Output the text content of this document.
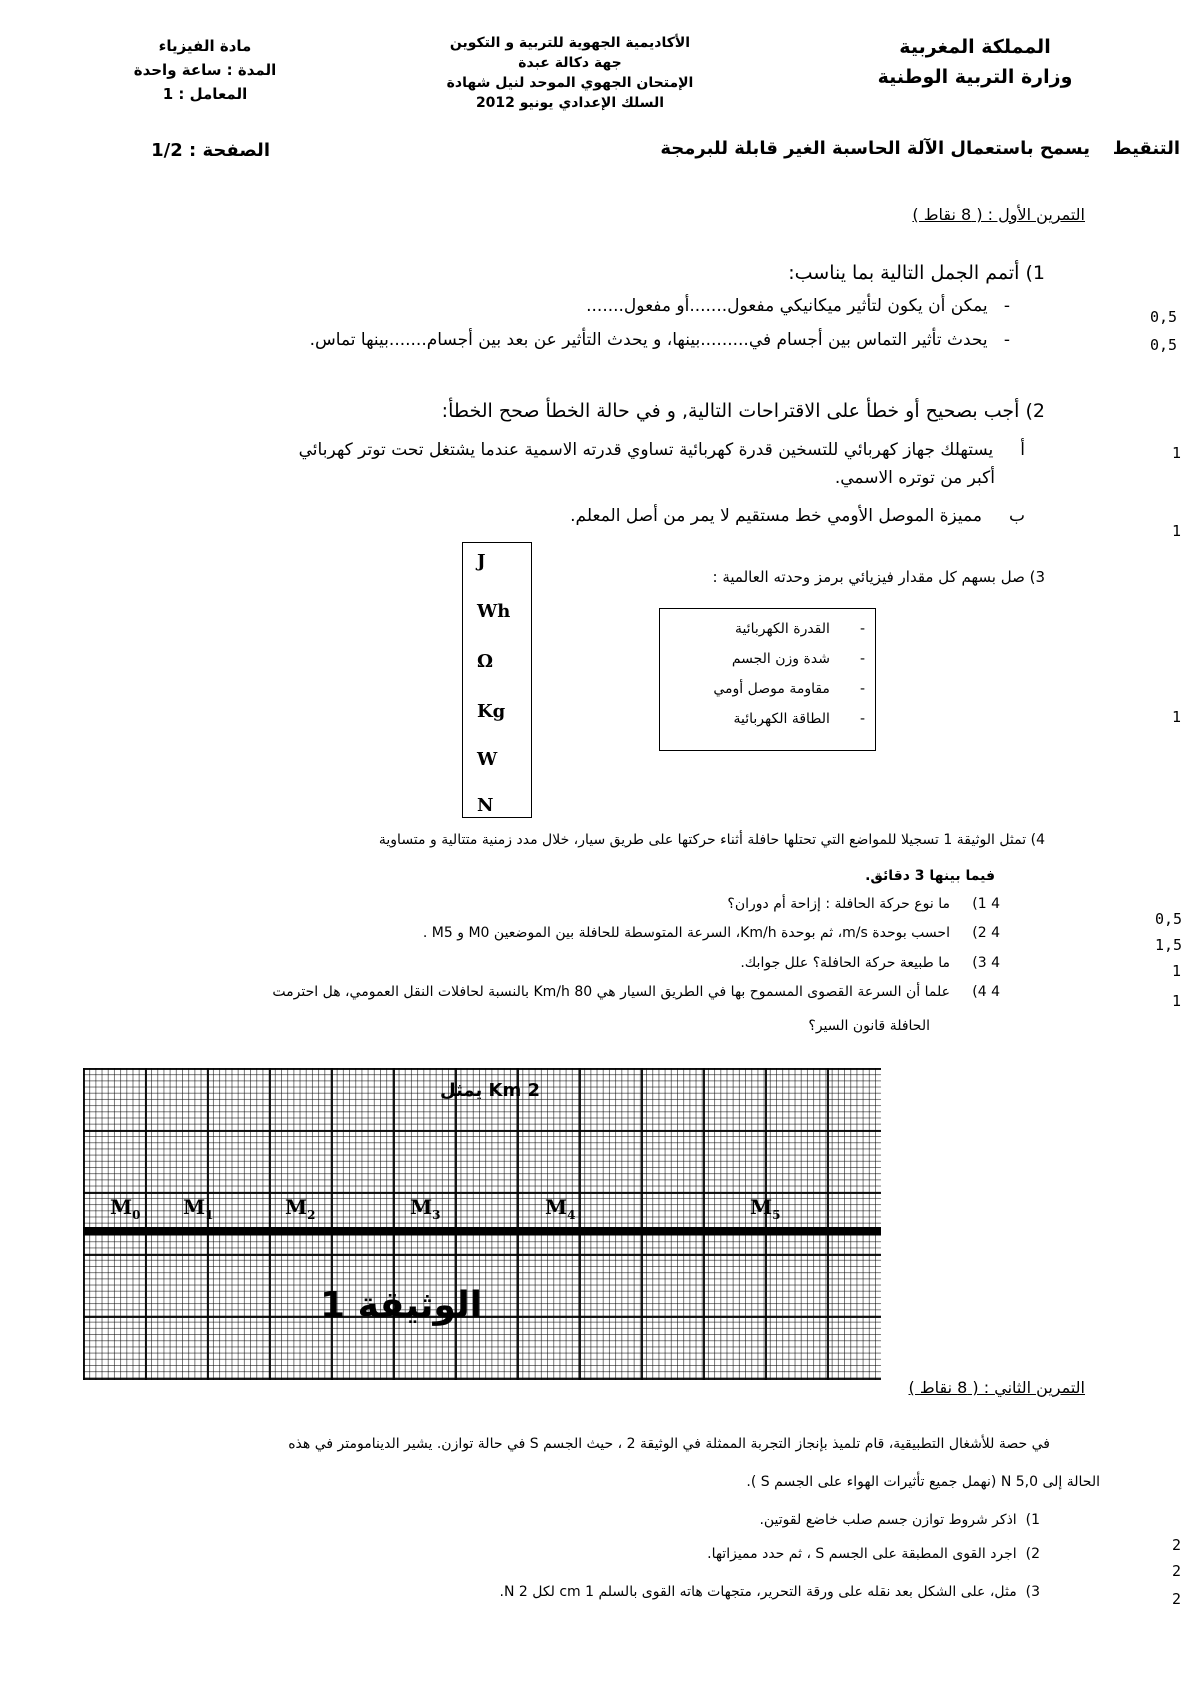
المملكة المغربية
وزارة التربية الوطنية
الأكاديمية الجهوية للتربية و التكوين
جهة دكالة عبدة
الإمتحان الجهوي الموحد لنيل شهادة
السلك الإعدادي يونيو 2012
مادة الفيزياء
المدة : ساعة واحدة
المعامل : 1
التنقيط
يسمح باستعمال الآلة الحاسبة الغير قابلة للبرمجة
الصفحة : 1/2
التمرين الأول : ( 8 نقاط )
1) أتمم الجمل التالية بما يناسب:
-   يمكن أن يكون لتأثير ميكانيكي مفعول.......أو مفعول.......
-   يحدث تأثير التماس بين أجسام في.........بينها، و يحدث التأثير عن بعد بين أجسام.......بينها تماس.
0,5
0,5
2) أجب بصحيح أو خطأ على الاقتراحات التالية, و في حالة الخطأ صحح الخطأ:
أ     يستهلك جهاز كهربائي للتسخين قدرة كهربائية تساوي قدرته الاسمية عندما يشتغل تحت توتر كهربائي
أكبر من توتره الاسمي.
ب     مميزة الموصل الأومي خط مستقيم لا يمر من أصل المعلم.
1
1
3) صل بسهم كل مقدار فيزيائي برمز وحدته العالمية :
J
Wh
Ω
Kg
W
N
-
القدرة الكهربائية
-
شدة وزن الجسم
-
مقاومة موصل أومي
-
الطاقة الكهربائية	1
4) تمثل الوثيقة 1 تسجيلا للمواضع التي تحتلها حافلة أثناء حركتها على طريق سيار، خلال مدد زمنية متتالية و متساوية
فيما بينها 3 دقائق.
4 1)     ما نوع حركة الحافلة : إزاحة أم دوران؟
4 2)     احسب بوحدة m/s، ثم بوحدة Km/h، السرعة المتوسطة للحافلة بين الموضعين M0 و M5 .
4 3)     ما طبيعة حركة الحافلة؟ علل جوابك.
4 4)     علما أن السرعة القصوى المسموح بها في الطريق السيار هي 80 Km/h بالنسبة لحافلات النقل العمومي، هل احترمت
الحافلة قانون السير؟
0,5
1,5
1
1
2 Km يمثل
$M_0$ $M_1$	$M_2$	$M_3$	$M_4$	$M_5$
الوثيقة 1
التمرين الثاني : ( 8 نقاط )
في حصة للأشغال التطبيقية، قام تلميذ بإنجاز التجربة الممثلة في الوثيقة 2 ، حيث الجسم S في حالة توازن. يشير الدينامومتر في هذه
الحالة إلى 5,0 N (نهمل جميع تأثيرات الهواء على الجسم S ).
1)  اذكر شروط توازن جسم صلب خاضع لقوتين.
2)  اجرد القوى المطبقة على الجسم S ، ثم حدد مميزاتها.
3)  مثل، على الشكل بعد نقله على ورقة التحرير، متجهات هاته القوى بالسلم 1 cm لكل 2 N.
2
2
2
